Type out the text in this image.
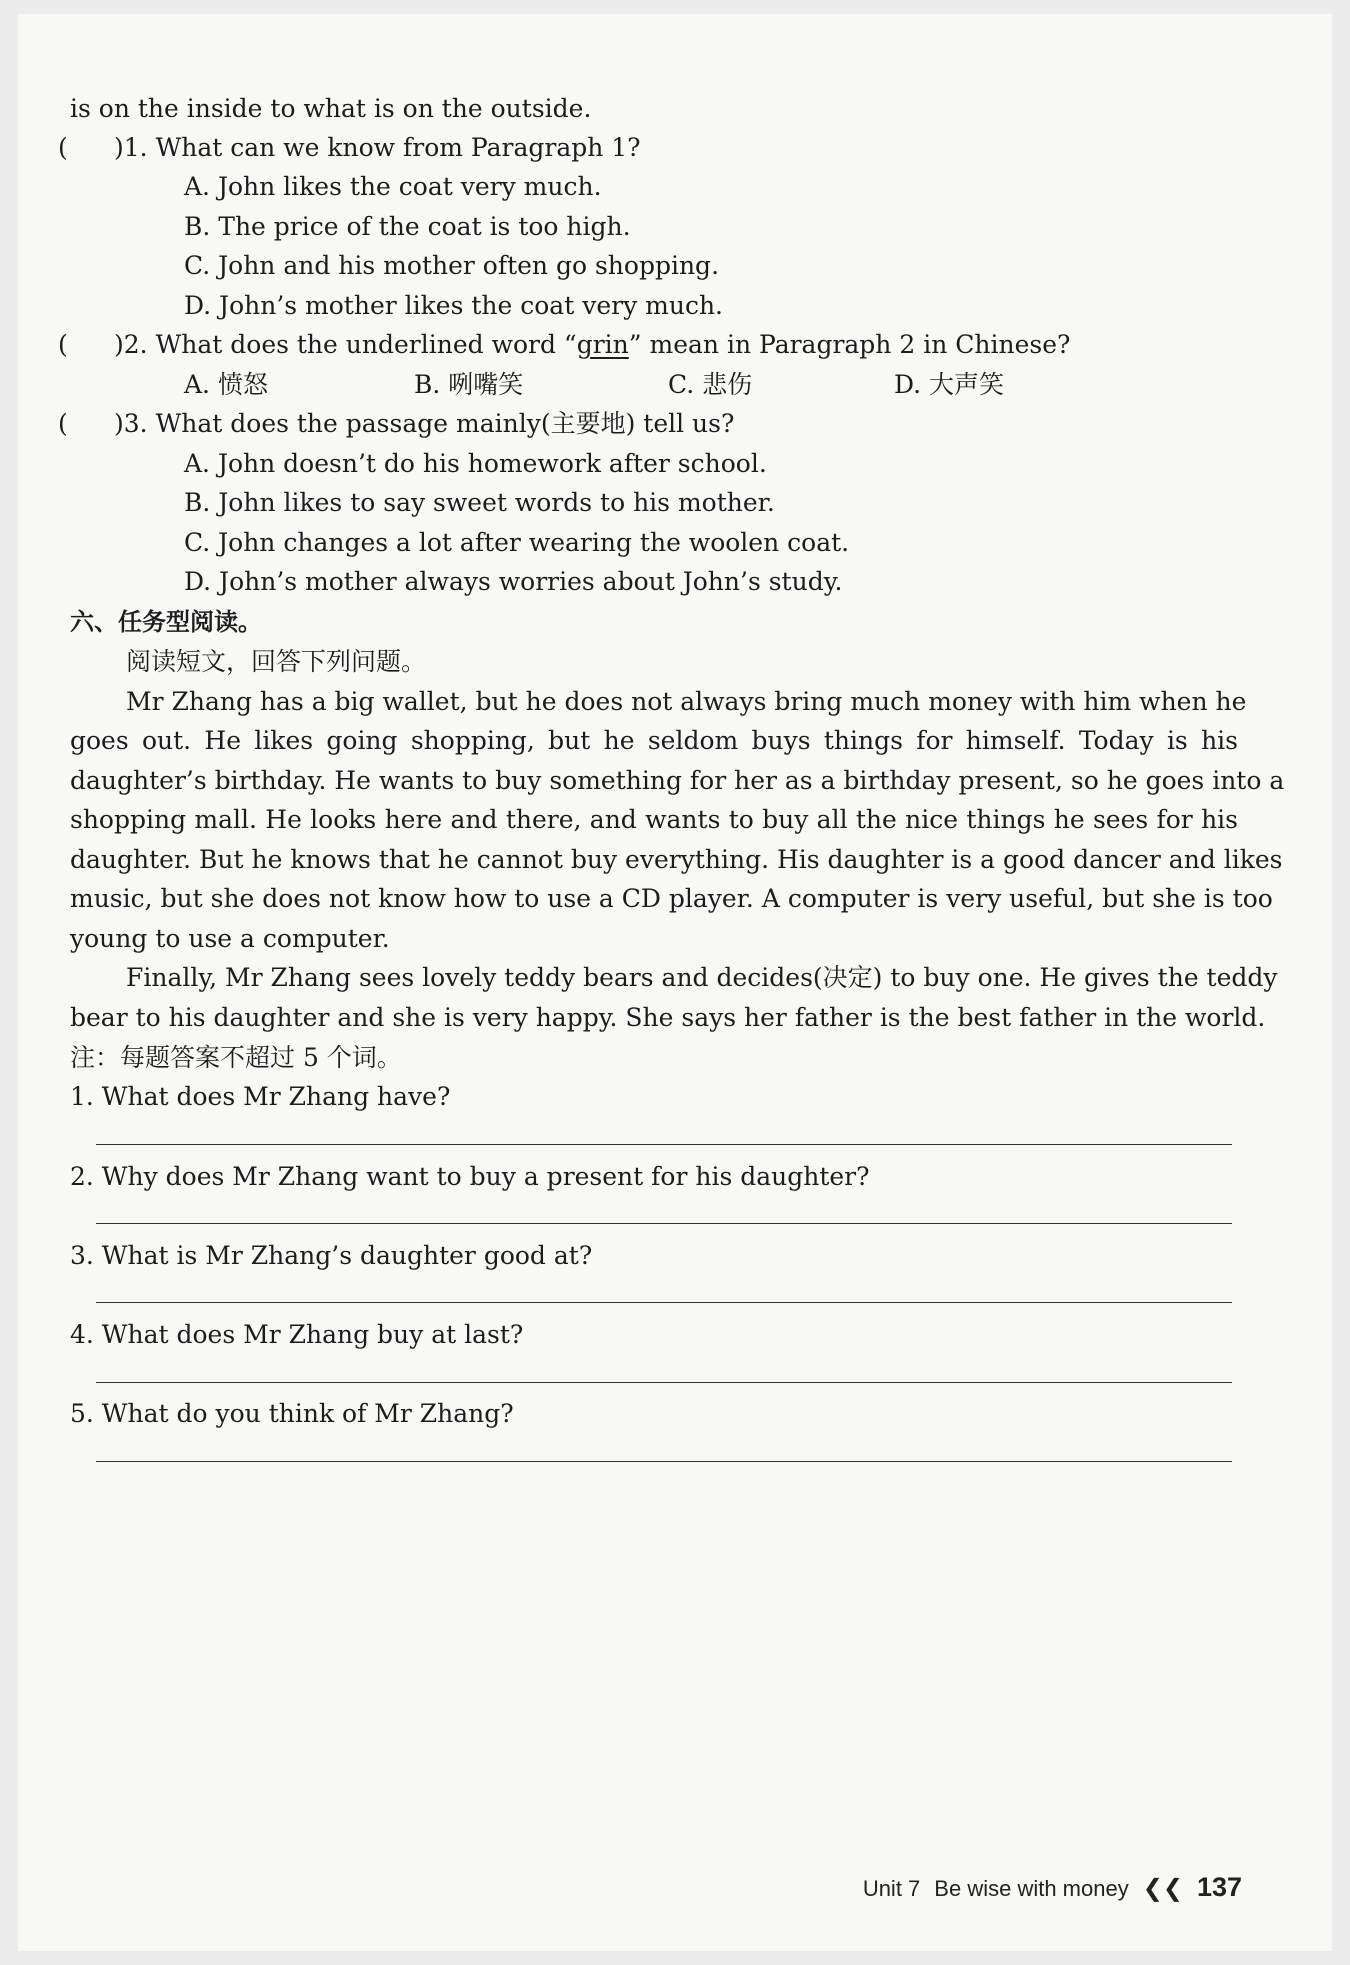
is on the inside to what is on the outside.
( )1. What can we know from Paragraph 1?
A. John likes the coat very much.
B. The price of the coat is too high.
C. John and his mother often go shopping.
D. John’s mother likes the coat very much.
( )2. What does the underlined word “grin” mean in Paragraph 2 in Chinese?
A. 愤怒	B. 咧嘴笑	C. 悲伤	D. 大声笑
( )3. What does the passage mainly(主要地) tell us?
A. John doesn’t do his homework after school.
B. John likes to say sweet words to his mother.
C. John changes a lot after wearing the woolen coat.
D. John’s mother always worries about John’s study.
六、任务型阅读。
阅读短文，回答下列问题。
Mr Zhang has a big wallet, but he does not always bring much money with him when he
goes out. He likes going shopping, but he seldom buys things for himself. Today is his
daughter’s birthday. He wants to buy something for her as a birthday present, so he goes into a
shopping mall. He looks here and there, and wants to buy all the nice things he sees for his
daughter. But he knows that he cannot buy everything. His daughter is a good dancer and likes
music, but she does not know how to use a CD player. A computer is very useful, but she is too
young to use a computer.
Finally, Mr Zhang sees lovely teddy bears and decides(决定) to buy one. He gives the teddy
bear to his daughter and she is very happy. She says her father is the best father in the world.
注：每题答案不超过 5 个词。
1. What does Mr Zhang have?
2. Why does Mr Zhang want to buy a present for his daughter?
3. What is Mr Zhang’s daughter good at?
4. What does Mr Zhang buy at last?
5. What do you think of Mr Zhang?
Unit 7 Be wise with money ❮❮ 137
